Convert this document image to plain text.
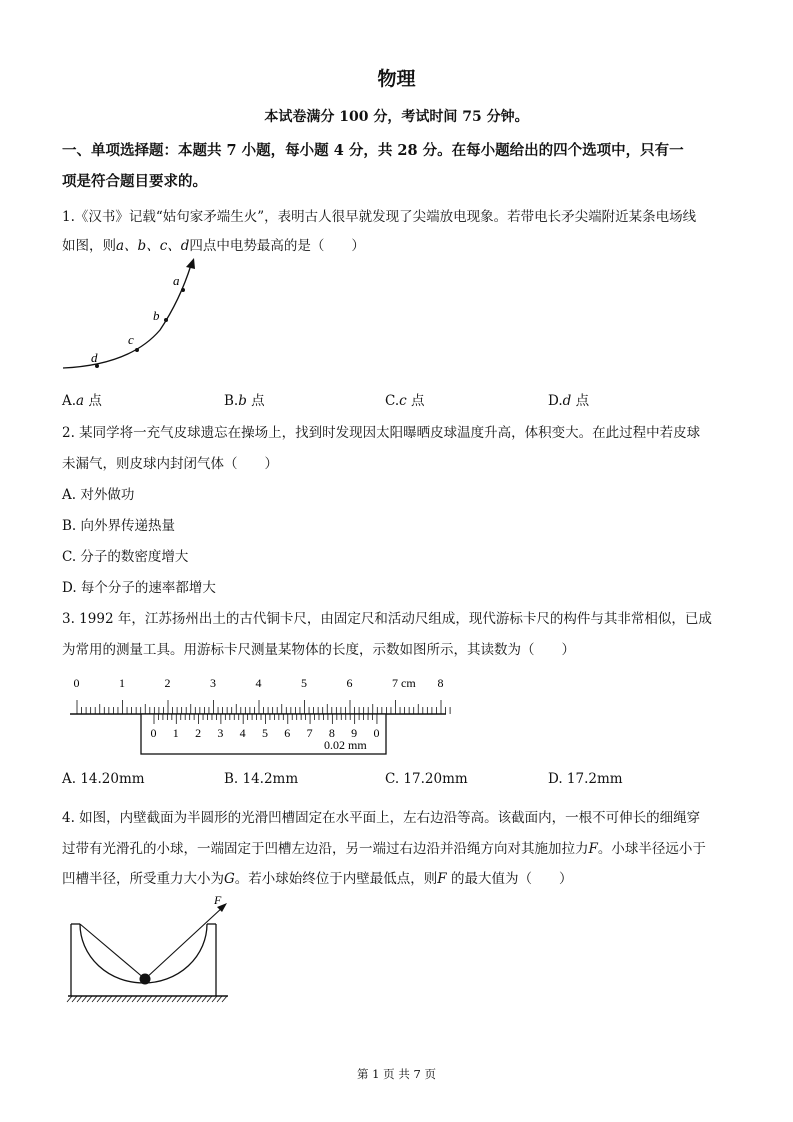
物理
本试卷满分 100 分，考试时间 75 分钟。
一、单项选择题：本题共 7 小题，每小题 4 分，共 28 分。在每小题给出的四个选项中，只有一
项是符合题目要求的。
1.《汉书》记载“姑句家矛端生火”，表明古人很早就发现了尖端放电现象。若带电长矛尖端附近某条电场线
如图，则a、b、c、d四点中电势最高的是（　　）
a
b
c
d
A.a 点	B.b 点	C.c 点	D.d 点
2. 某同学将一充气皮球遗忘在操场上，找到时发现因太阳曝晒皮球温度升高，体积变大。在此过程中若皮球
未漏气，则皮球内封闭气体（　　）
A. 对外做功
B. 向外界传递热量
C. 分子的数密度增大
D. 每个分子的速率都增大
3. 1992 年，江苏扬州出土的古代铜卡尺，由固定尺和活动尺组成，现代游标卡尺的构件与其非常相似，已成
为常用的测量工具。用游标卡尺测量某物体的长度，示数如图所示，其读数为（　　）
0	1	2	3	4	5	6	7	8
cm
0 1 2 3 4 5 6 7 8 9 0
0.02 mm
A. 14.20mm	B. 14.2mm	C. 17.20mm	D. 17.2mm
4. 如图，内壁截面为半圆形的光滑凹槽固定在水平面上，左右边沿等高。该截面内，一根不可伸长的细绳穿
过带有光滑孔的小球，一端固定于凹槽左边沿，另一端过右边沿并沿绳方向对其施加拉力F。小球半径远小于
凹槽半径，所受重力大小为G。若小球始终位于内壁最低点，则F 的最大值为（　　）
F
第 1 页 共 7 页
